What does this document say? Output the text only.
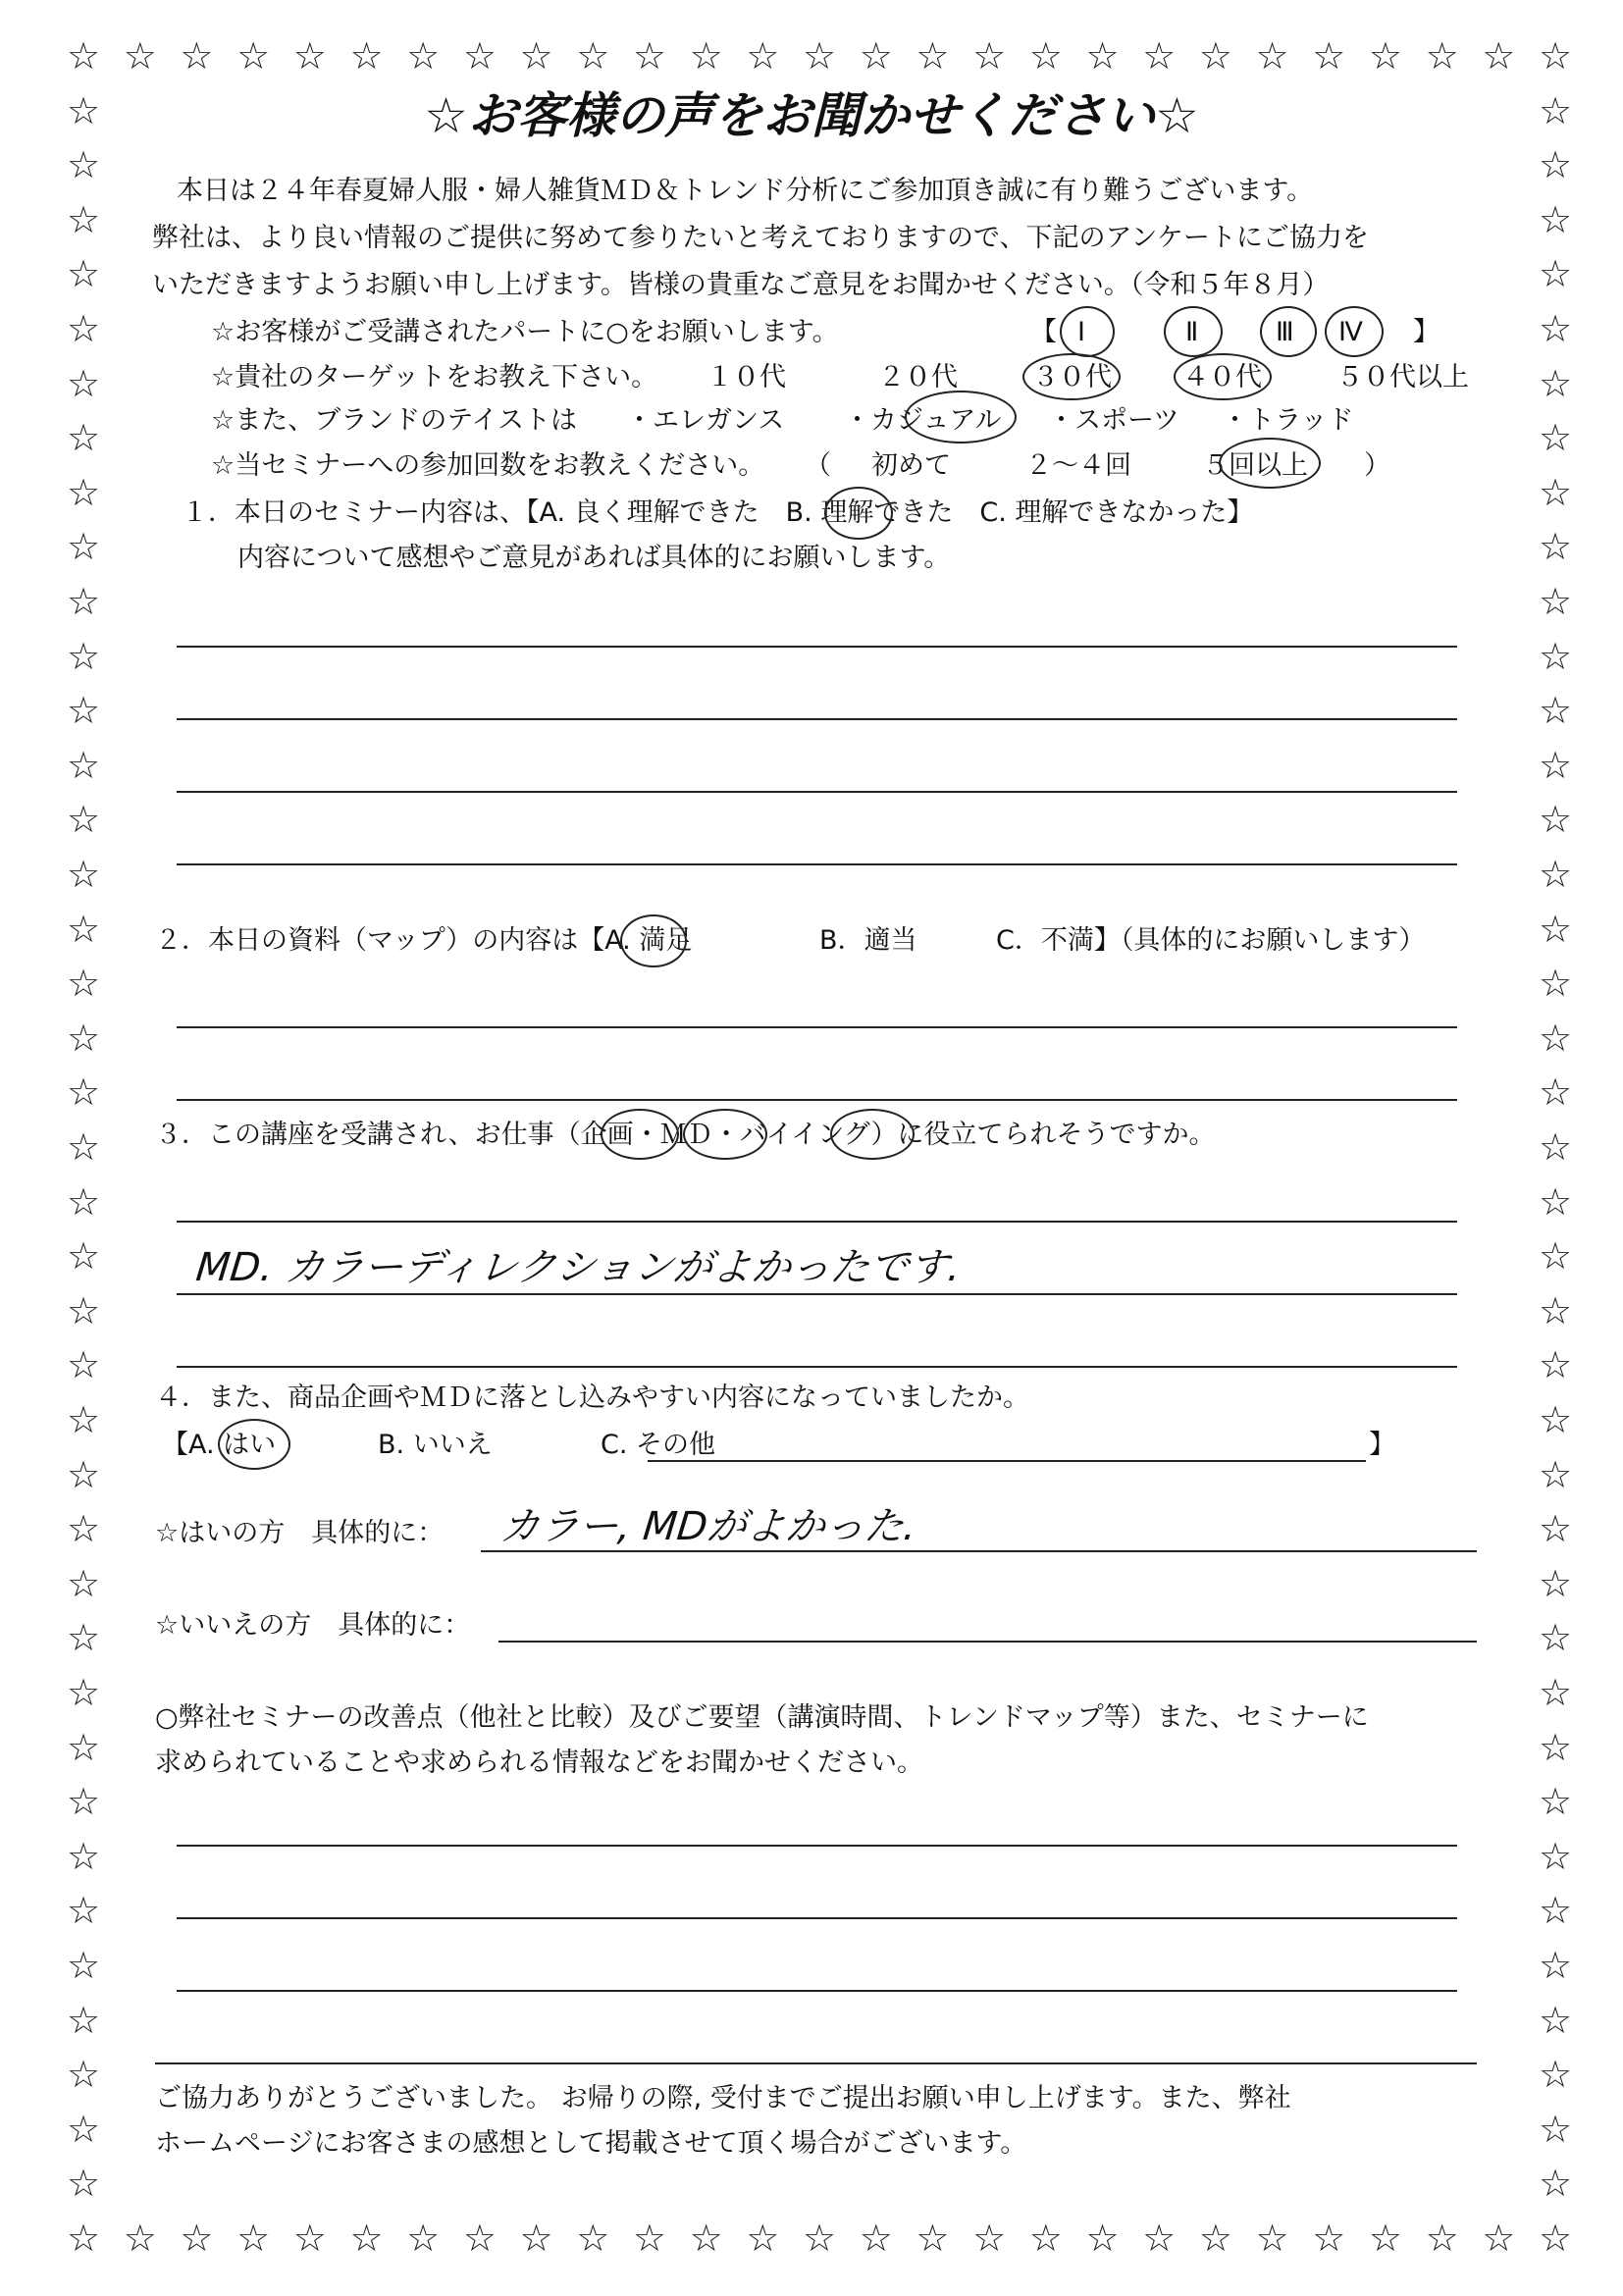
☆
☆
☆
☆
☆
☆
☆
☆
☆
☆
☆
☆
☆
☆
☆
☆
☆
☆
☆
☆
☆
☆
☆
☆
☆
☆
☆
☆
☆
☆
☆
☆
☆
☆
☆
☆
☆
☆
☆
☆
☆
☆
☆
☆
☆
☆
☆
☆
☆
☆
☆
☆
☆
☆
☆	☆
☆	☆
☆	☆
☆	☆
☆	☆
☆	☆
☆	☆
☆	☆
☆	☆
☆	☆
☆	☆
☆	☆
☆	☆
☆	☆
☆	☆
☆	☆
☆	☆
☆	☆
☆	☆
☆	☆
☆	☆
☆	☆
☆	☆
☆	☆
☆	☆
☆	☆
☆	☆
☆	☆
☆	☆
☆	☆
☆	☆
☆	☆
☆	☆
☆	☆
☆	☆
☆	☆
☆	☆
☆	☆
☆	☆
☆お客様の声をお聞かせください☆
本日は２４年春夏婦人服・婦人雑貨ＭＤ＆トレンド分析にご参加頂き誠に有り難うございます。
弊社は、より良い情報のご提供に努めて参りたいと考えておりますので、下記のアンケートにご協力を
いただきますようお願い申し上げます。皆様の貴重なご意見をお聞かせください。（令和５年８月）
☆お客様がご受講されたパートに○をお願いします。	【 Ⅰ	Ⅱ	Ⅲ Ⅳ 】
☆貴社のターゲットをお教え下さい。 １０代	２０代	３０代	４０代	５０代以上
☆また、ブランドのテイストは ・エレガンス ・カジュアル ・スポーツ ・トラッド
☆当セミナーへの参加回数をお教えください。 （ 初めて	２～４回	５回以上 ）
１．本日のセミナー内容は、【A. 良く理解できた　B. 理解できた　C. 理解できなかった】
内容について感想やご意見があれば具体的にお願いします。
２．本日の資料（マップ）の内容は【A. 満足	B．適当	C．不満】（具体的にお願いします）
３．この講座を受講され、お仕事（企画・ＭＤ・バイイング）に役立てられそうですか。
MD. カラーディレクションがよかったです.
４．また、商品企画やＭＤに落とし込みやすい内容になっていましたか。
【A. はい	B. いいえ	C. その他	】
☆はいの方　具体的に： カラー, MDがよかった.
☆いいえの方　具体的に：
○弊社セミナーの改善点（他社と比較）及びご要望（講演時間、トレンドマップ等）また、セミナーに
求められていることや求められる情報などをお聞かせください。
ご協力ありがとうございました。 お帰りの際, 受付までご提出お願い申し上げます。また、弊社
ホームページにお客さまの感想として掲載させて頂く場合がございます。
